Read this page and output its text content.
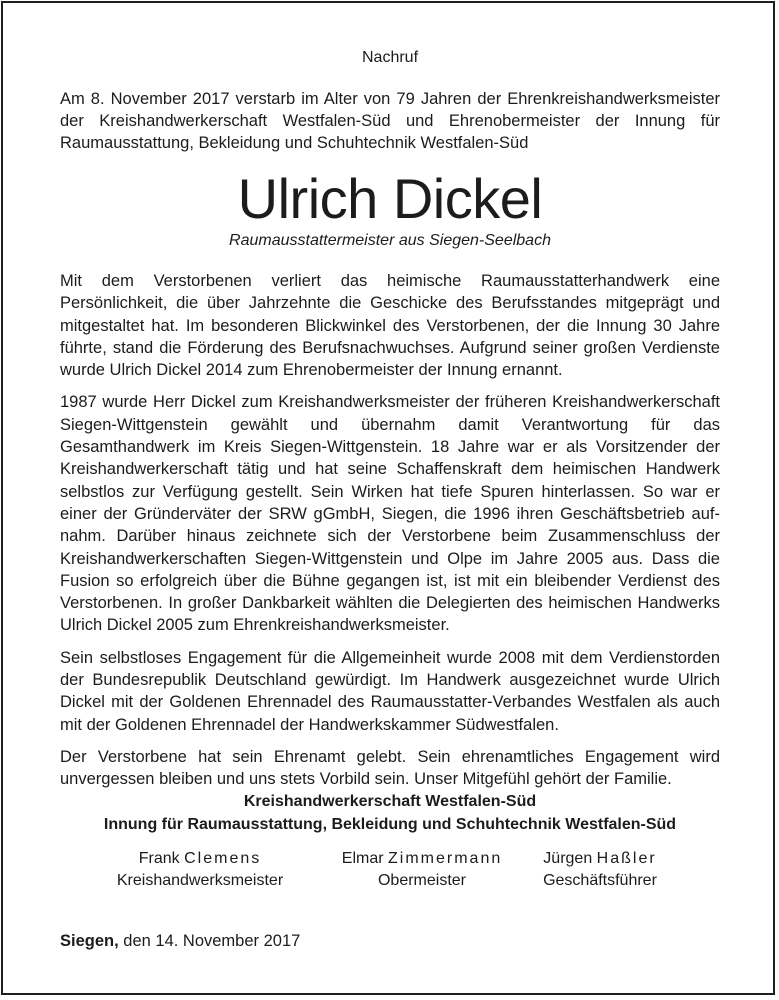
Nachruf
Am 8. November 2017 verstarb im Alter von 79 Jahren der Ehrenkreishandwerksmeister der Kreishandwerkerschaft Westfalen-Süd und Ehrenobermeister der Innung für Raumausstattung, Bekleidung und Schuhtechnik Westfalen-Süd
Ulrich Dickel
Raumausstattermeister aus Siegen-Seelbach

Mit dem Verstorbenen verliert das heimische Raumausstatterhandwerk eine Persönlichkeit, die über Jahrzehnte die Geschicke des Berufsstandes mitgeprägt und mitgestaltet hat. Im besonderen Blickwinkel des Verstorbenen, der die Innung 30 Jahre führte, stand die Förderung des Berufsnachwuchses. Aufgrund seiner großen Verdienste wurde Ulrich Dickel 2014 zum Ehrenobermeister der Innung ernannt.

1987 wurde Herr Dickel zum Kreishandwerksmeister der früheren Kreishandwerkerschaft Siegen-Wittgenstein gewählt und übernahm damit Verantwortung für das Gesamthandwerk im Kreis Siegen-Wittgenstein. 18 Jahre war er als Vorsitzender der Kreishandwerkerschaft tätig und hat seine Schaffenskraft dem heimischen Handwerk selbstlos zur Verfügung gestellt. Sein Wirken hat tiefe Spuren hinterlassen. So war er einer der Gründerväter der SRW gGmbH, Siegen, die 1996 ihren Geschäftsbetrieb aufnahm. Darüber hinaus zeichnete sich der Verstorbene beim Zusammenschluss der Kreishandwerkerschaften Siegen-Wittgenstein und Olpe im Jahre 2005 aus. Dass die Fusion so erfolgreich über die Bühne gegangen ist, ist mit ein bleibender Verdienst des Verstorbenen. In großer Dankbarkeit wählten die Delegierten des heimischen Handwerks Ulrich Dickel 2005 zum Ehrenkreishandwerksmeister.

Sein selbstloses Engagement für die Allgemeinheit wurde 2008 mit dem Verdienstorden der Bundesrepublik Deutschland gewürdigt. Im Handwerk ausgezeichnet wurde Ulrich Dickel mit der Goldenen Ehrennadel des Raumausstatter-Verbandes Westfalen als auch mit der Goldenen Ehrennadel der Handwerkskammer Südwestfalen.

Der Verstorbene hat sein Ehrenamt gelebt. Sein ehrenamtliches Engagement wird unvergessen bleiben und uns stets Vorbild sein. Unser Mitgefühl gehört der Familie.

Kreishandwerkerschaft Westfalen-Süd
Innung für Raumausstattung, Bekleidung und Schuhtechnik Westfalen-Süd
Frank Clemens
Kreishandwerksmeister
Elmar Zimmermann
Obermeister
Jürgen Haßler
Geschäftsführer
Siegen, den 14. November 2017
